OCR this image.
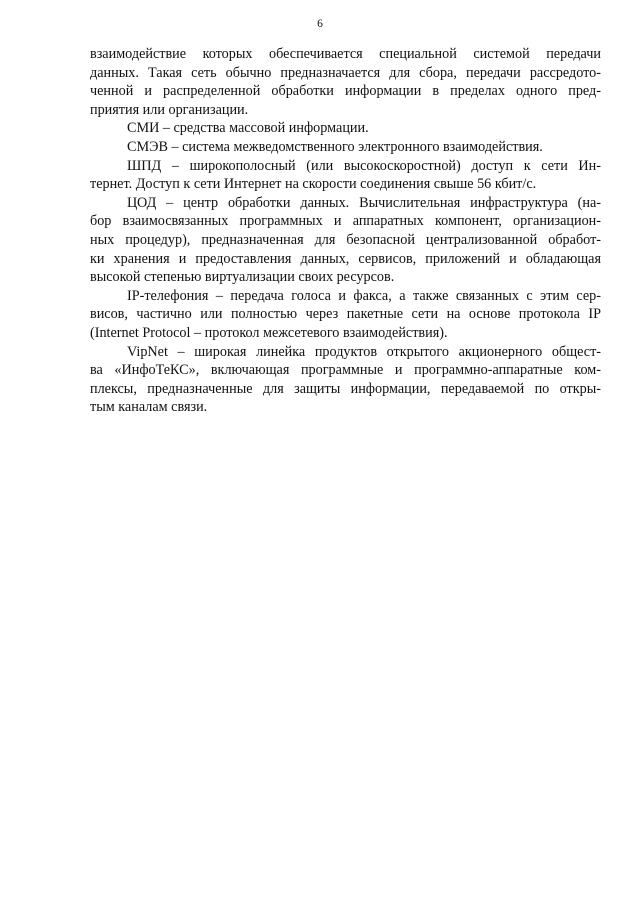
6

взаимодействие которых обеспечивается специальной системой передачи
данных. Такая сеть обычно предназначается для сбора, передачи рассредото-
ченной и распределенной обработки информации в пределах одного пред-
приятия или организации.

СМИ – средства массовой информации.

СМЭВ – система межведомственного электронного взаимодействия.

ШПД – широкополосный (или высокоскоростной) доступ к сети Ин-
тернет. Доступ к сети Интернет на скорости соединения свыше 56 кбит/с.

ЦОД – центр обработки данных. Вычислительная инфраструктура (на-
бор взаимосвязанных программных и аппаратных компонент, организацион-
ных процедур), предназначенная для безопасной централизованной обработ-
ки хранения и предоставления данных, сервисов, приложений и обладающая
высокой степенью виртуализации своих ресурсов.

IP-телефония – передача голоса и факса, а также связанных с этим сер-
висов, частично или полностью через пакетные сети на основе протокола IP
(Internet Protocol – протокол межсетевого взаимодействия).

VipNet – широкая линейка продуктов открытого акционерного общест-
ва «ИнфоТеКС», включающая программные и программно-аппаратные ком-
плексы, предназначенные для защиты информации, передаваемой по откры-
тым каналам связи.
